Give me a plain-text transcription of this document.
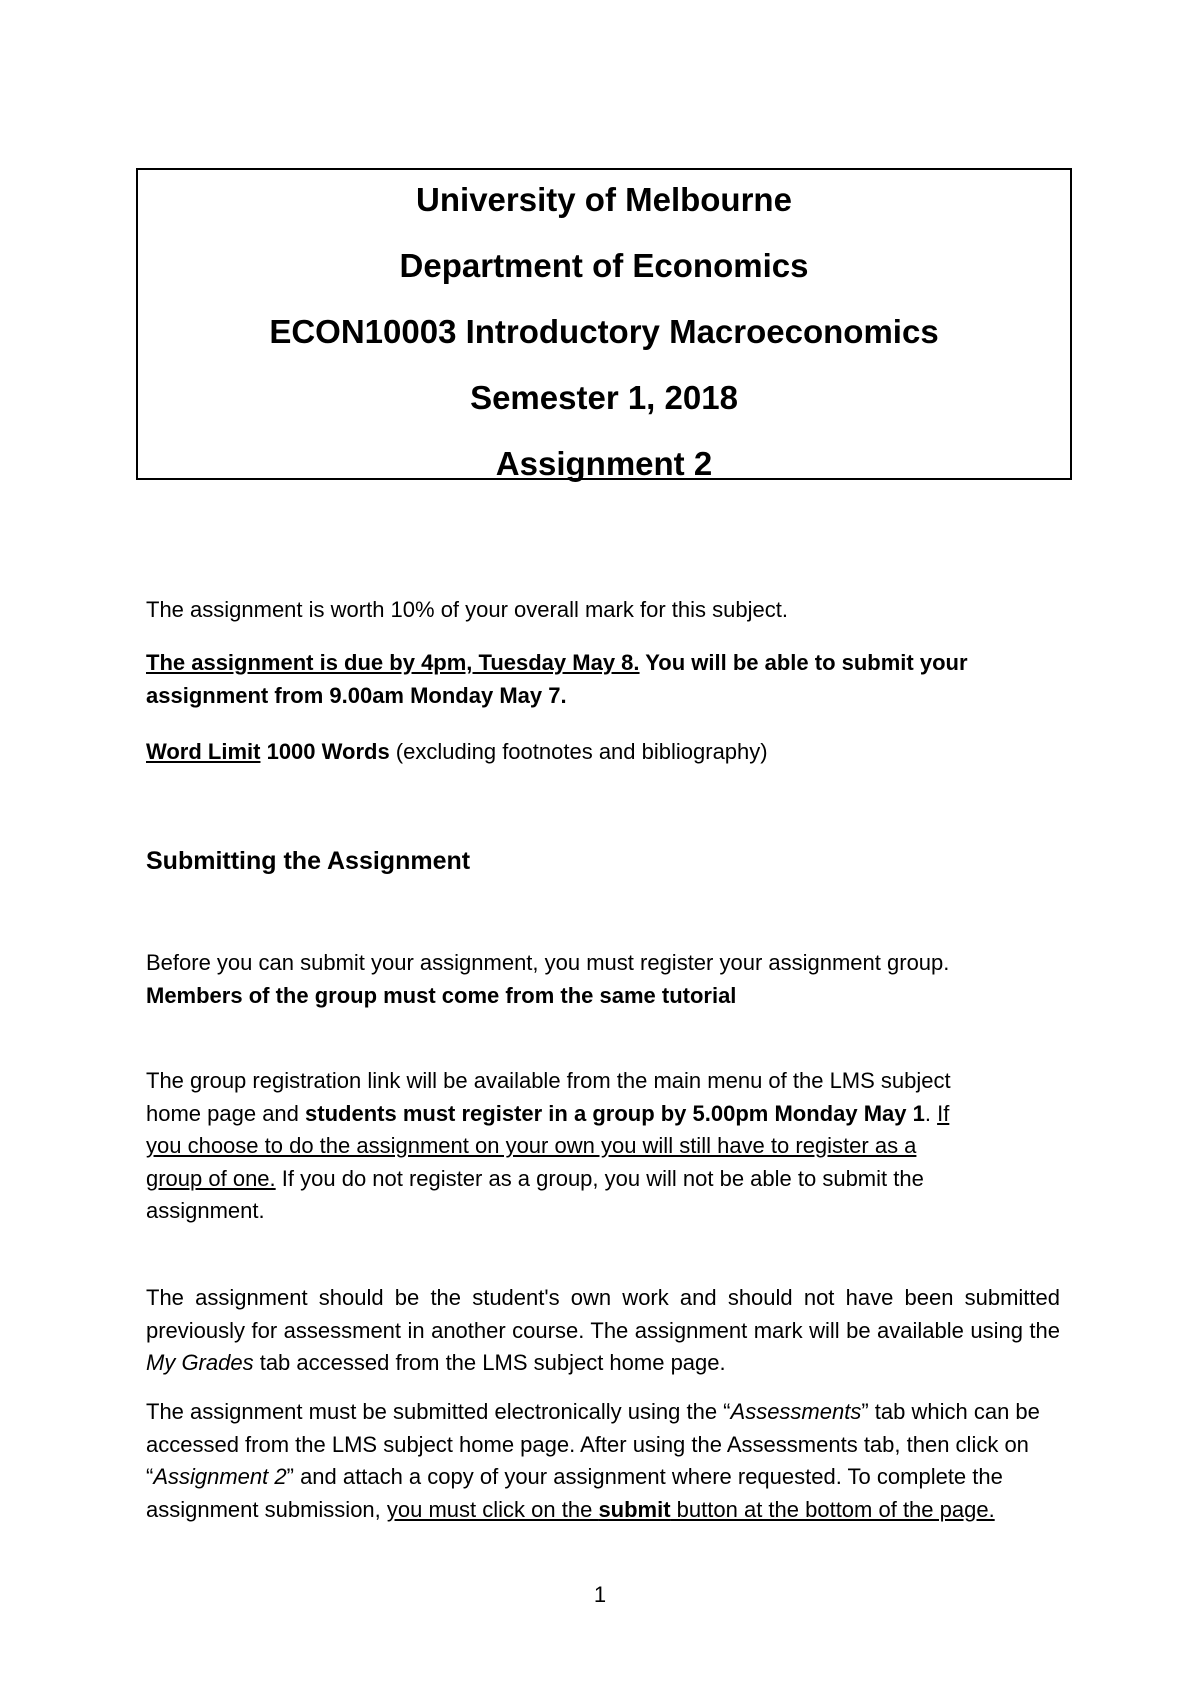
University of Melbourne
Department of Economics
ECON10003 Introductory Macroeconomics
Semester 1, 2018
Assignment 2

The assignment is worth 10% of your overall mark for this subject.

The assignment is due by 4pm, Tuesday May 8. You will be able to submit your
assignment from 9.00am Monday May 7.

Word Limit 1000 Words (excluding footnotes and bibliography)

Submitting the Assignment

Before you can submit your assignment, you must register your assignment group.
Members of the group must come from the same tutorial

The group registration link will be available from the main menu of the LMS subject
home page and students must register in a group by 5.00pm Monday May 1. If
you choose to do the assignment on your own you will still have to register as a
group of one. If you do not register as a group, you will not be able to submit the
assignment.

The assignment should be the student's own work and should not have been submitted previously for assessment in another course. The assignment mark will be available using the My Grades tab accessed from the LMS subject home page.

The assignment must be submitted electronically using the “Assessments” tab which can be accessed from the LMS subject home page. After using the Assessments tab, then click on “Assignment 2” and attach a copy of your assignment where requested. To complete the assignment submission, you must click on the submit button at the bottom of the page.

1
